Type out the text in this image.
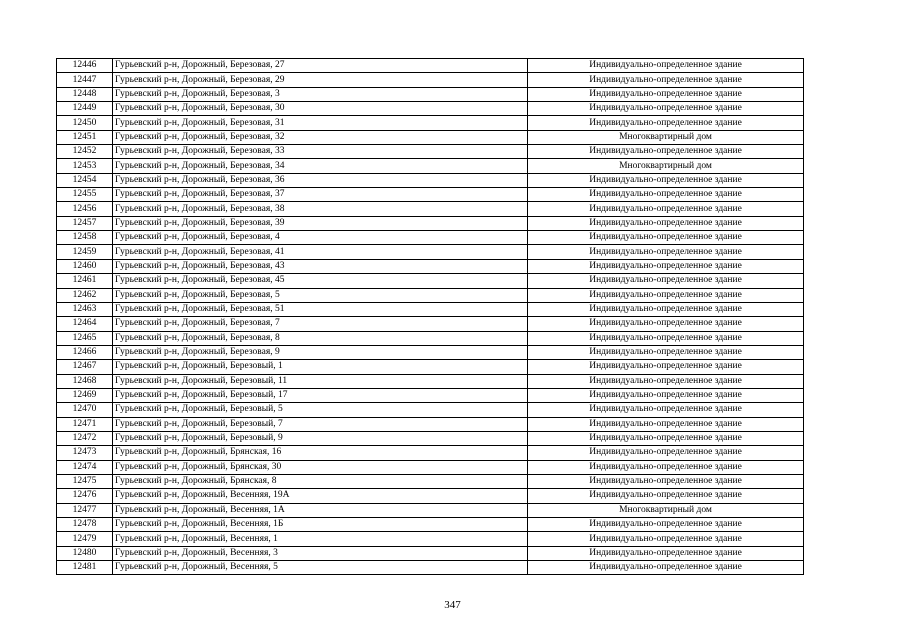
12446	Гурьевский р-н, Дорожный, Березовая, 27	Индивидуально-определенное здание
12447	Гурьевский р-н, Дорожный, Березовая, 29	Индивидуально-определенное здание
12448	Гурьевский р-н, Дорожный, Березовая, 3	Индивидуально-определенное здание
12449	Гурьевский р-н, Дорожный, Березовая, 30	Индивидуально-определенное здание
12450	Гурьевский р-н, Дорожный, Березовая, 31	Индивидуально-определенное здание
12451	Гурьевский р-н, Дорожный, Березовая, 32	Многоквартирный дом
12452	Гурьевский р-н, Дорожный, Березовая, 33	Индивидуально-определенное здание
12453	Гурьевский р-н, Дорожный, Березовая, 34	Многоквартирный дом
12454	Гурьевский р-н, Дорожный, Березовая, 36	Индивидуально-определенное здание
12455	Гурьевский р-н, Дорожный, Березовая, 37	Индивидуально-определенное здание
12456	Гурьевский р-н, Дорожный, Березовая, 38	Индивидуально-определенное здание
12457	Гурьевский р-н, Дорожный, Березовая, 39	Индивидуально-определенное здание
12458	Гурьевский р-н, Дорожный, Березовая, 4	Индивидуально-определенное здание
12459	Гурьевский р-н, Дорожный, Березовая, 41	Индивидуально-определенное здание
12460	Гурьевский р-н, Дорожный, Березовая, 43	Индивидуально-определенное здание
12461	Гурьевский р-н, Дорожный, Березовая, 45	Индивидуально-определенное здание
12462	Гурьевский р-н, Дорожный, Березовая, 5	Индивидуально-определенное здание
12463	Гурьевский р-н, Дорожный, Березовая, 51	Индивидуально-определенное здание
12464	Гурьевский р-н, Дорожный, Березовая, 7	Индивидуально-определенное здание
12465	Гурьевский р-н, Дорожный, Березовая, 8	Индивидуально-определенное здание
12466	Гурьевский р-н, Дорожный, Березовая, 9	Индивидуально-определенное здание
12467	Гурьевский р-н, Дорожный, Березовый, 1	Индивидуально-определенное здание
12468	Гурьевский р-н, Дорожный, Березовый, 11	Индивидуально-определенное здание
12469	Гурьевский р-н, Дорожный, Березовый, 17	Индивидуально-определенное здание
12470	Гурьевский р-н, Дорожный, Березовый, 5	Индивидуально-определенное здание
12471	Гурьевский р-н, Дорожный, Березовый, 7	Индивидуально-определенное здание
12472	Гурьевский р-н, Дорожный, Березовый, 9	Индивидуально-определенное здание
12473	Гурьевский р-н, Дорожный, Брянская, 16	Индивидуально-определенное здание
12474	Гурьевский р-н, Дорожный, Брянская, 30	Индивидуально-определенное здание
12475	Гурьевский р-н, Дорожный, Брянская, 8	Индивидуально-определенное здание
12476	Гурьевский р-н, Дорожный, Весенняя, 19А	Индивидуально-определенное здание
12477	Гурьевский р-н, Дорожный, Весенняя, 1А	Многоквартирный дом
12478	Гурьевский р-н, Дорожный, Весенняя, 1Б	Индивидуально-определенное здание
12479	Гурьевский р-н, Дорожный, Весенняя, 1	Индивидуально-определенное здание
12480	Гурьевский р-н, Дорожный, Весенняя, 3	Индивидуально-определенное здание
12481	Гурьевский р-н, Дорожный, Весенняя, 5	Индивидуально-определенное здание
347
